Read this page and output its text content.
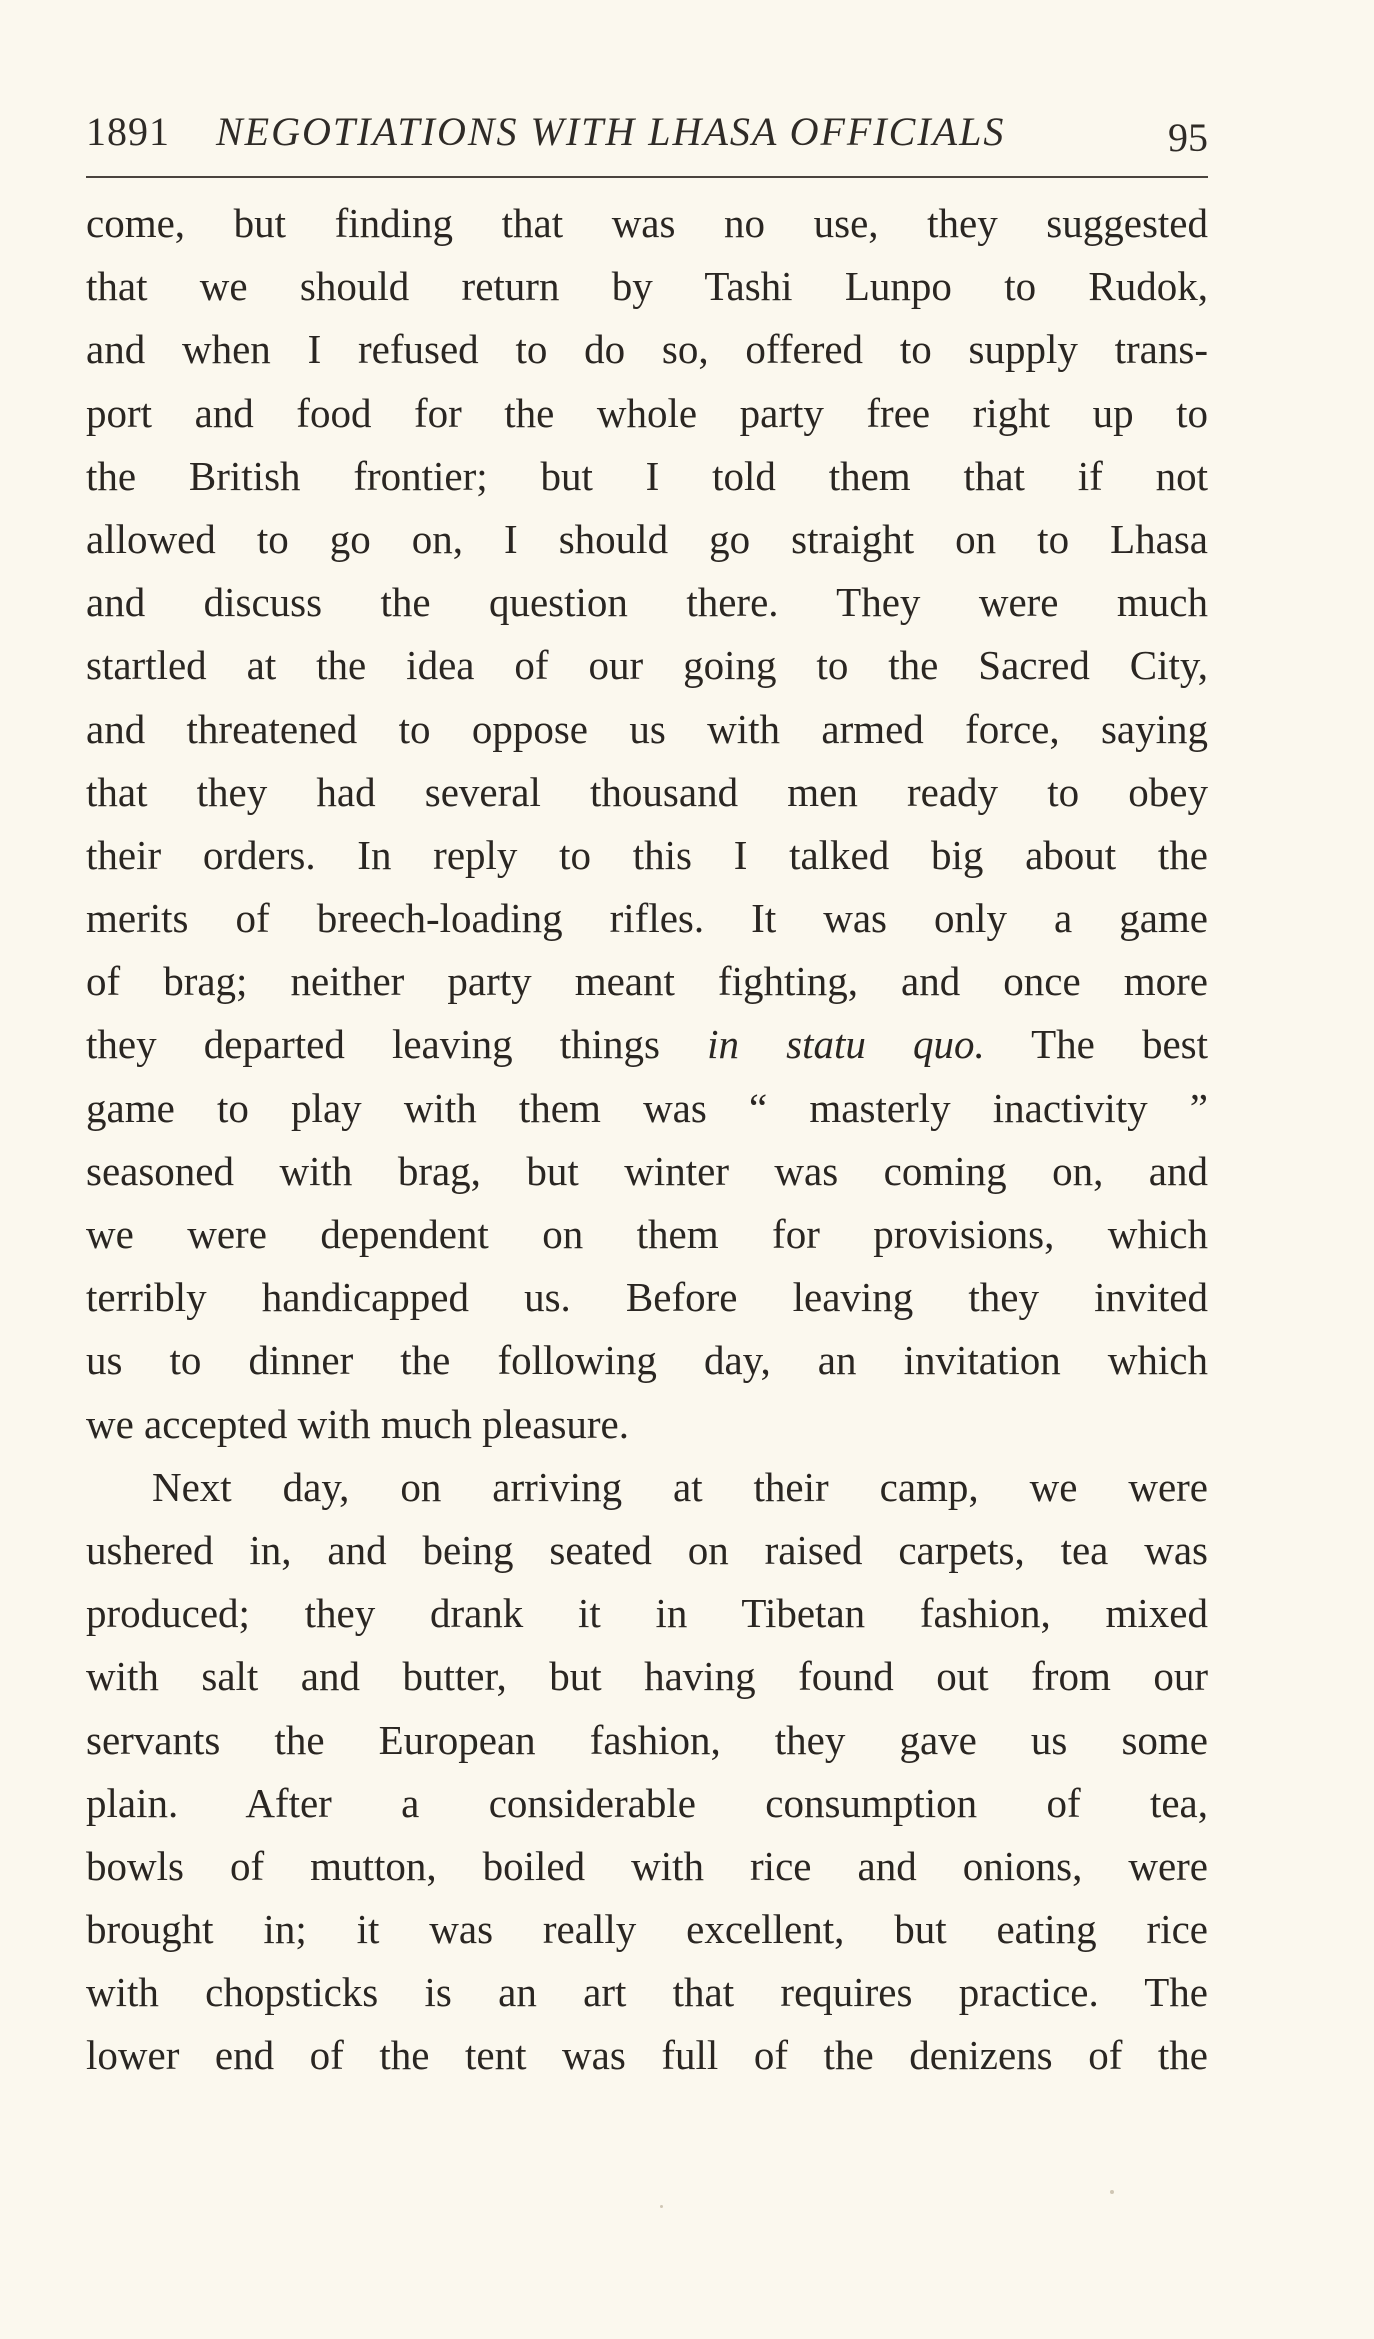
1891 NEGOTIATIONS WITH LHASA OFFICIALS	95
come, but finding that was no use, they suggested
that we should return by Tashi Lunpo to Rudok,
and when I refused to do so, offered to supply trans-
port and food for the whole party free right up to
the British frontier; but I told them that if not
allowed to go on, I should go straight on to Lhasa
and discuss the question there. They were much
startled at the idea of our going to the Sacred City,
and threatened to oppose us with armed force, saying
that they had several thousand men ready to obey
their orders. In reply to this I talked big about the
merits of breech-loading rifles. It was only a game
of brag; neither party meant fighting, and once more
they departed leaving things in statu quo. The best
game to play with them was “ masterly inactivity ”
seasoned with brag, but winter was coming on, and
we were dependent on them for provisions, which
terribly handicapped us. Before leaving they invited
us to dinner the following day, an invitation which
we accepted with much pleasure.
Next day, on arriving at their camp, we were
ushered in, and being seated on raised carpets, tea was
produced; they drank it in Tibetan fashion, mixed
with salt and butter, but having found out from our
servants the European fashion, they gave us some
plain. After a considerable consumption of tea,
bowls of mutton, boiled with rice and onions, were
brought in; it was really excellent, but eating rice
with chopsticks is an art that requires practice. The
lower end of the tent was full of the denizens of the
